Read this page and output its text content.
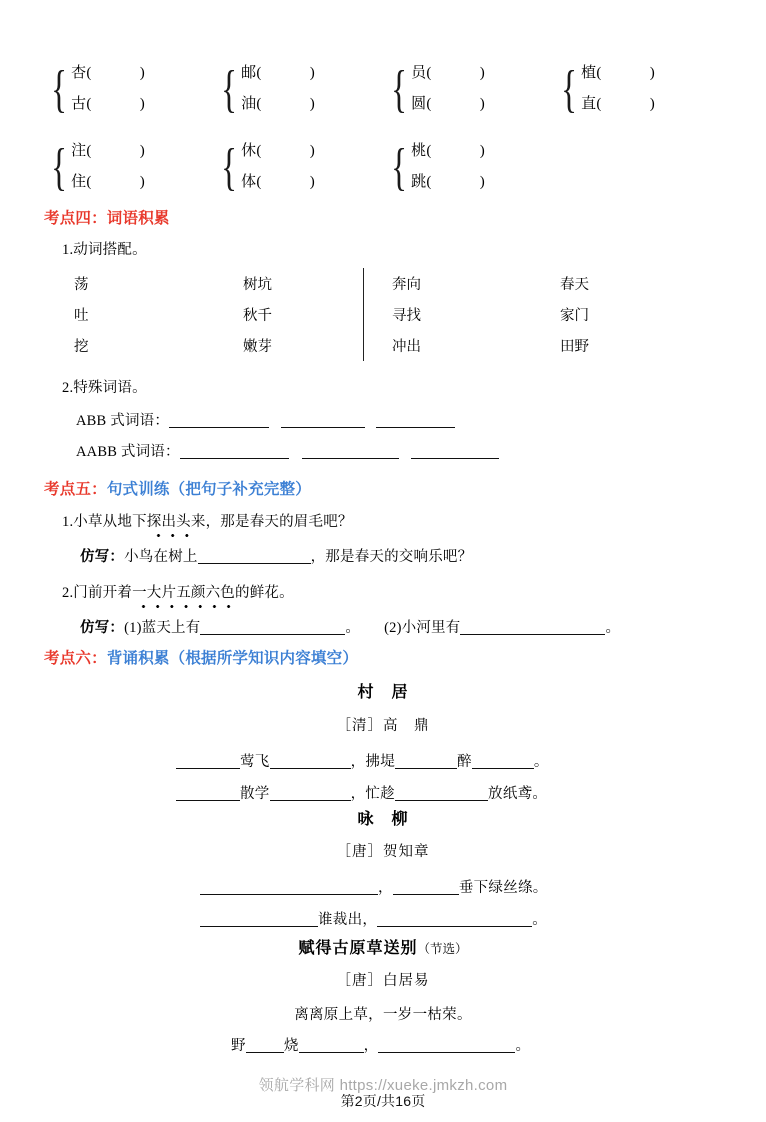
{ 杏(	)
古(	) { 邮(	)
油(	) { 员(	)
圆(	) { 植(	)
直(	)
{ 注(	)
住(	) { 休(	)
体(	) { 桃(	)
跳(	)
考点四：词语积累
1.动词搭配。
荡	树坑	奔向	春天
吐	秋千	寻找	家门
挖	嫩芽	冲出	田野
2.特殊词语。
ABB 式词语：
AABB 式词语：
考点五：句式训练（把句子补充完整）
1.小草从地下探出头来，那是春天的眉毛吧？
仿写：小鸟在树上	，那是春天的交响乐吧？
2.门前开着一大片五颜六色的鲜花。
仿写：(1)蓝天上有	。 (2)小河里有	。
考点六：背诵积累（根据所学知识内容填空）
村　居
［清］高　鼎
莺飞	，拂堤	醉	。
散学	，忙趁	放纸鸢。
咏　柳
［唐］贺知章
，	垂下绿丝绦。
谁裁出，	。
赋得古原草送别（节选）
［唐］白居易
离离原上草，一岁一枯荣。
野	烧	，	。
领航学科网 https://xueke.jmkzh.com
第2页/共16页
